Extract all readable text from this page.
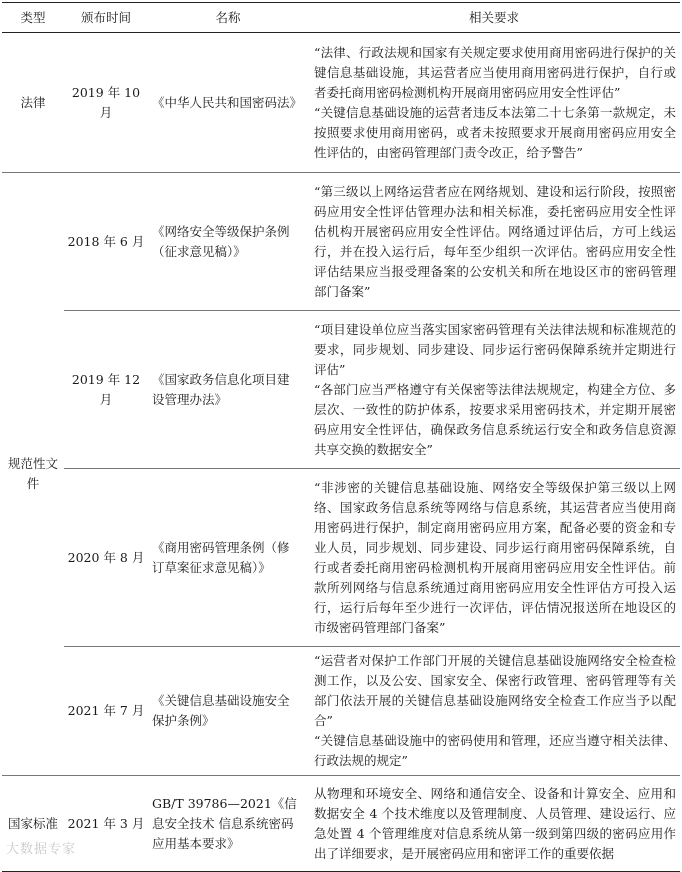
类型	颁布时间	名称	相关要求
法律	2019 年 10 月	《中华人民共和国密码法》	“法律、行政法规和国家有关规定要求使用商用密码进行保护的关键信息基础设施，其运营者应当使用商用密码进行保护，自行或者委托商用密码检测机构开展商用密码应用安全性评估”
“关键信息基础设施的运营者违反本法第二十七条第一款规定，未按照要求使用商用密码，或者未按照要求开展商用密码应用安全性评估的，由密码管理部门责令改正，给予警告”

规范性文件	2018 年 6 月	《网络安全等级保护条例（征求意见稿）》	“第三级以上网络运营者应在网络规划、建设和运行阶段，按照密码应用安全性评估管理办法和相关标准，委托密码应用安全性评估机构开展密码应用安全性评估。网络通过评估后，方可上线运行，并在投入运行后，每年至少组织一次评估。密码应用安全性评估结果应当报受理备案的公安机关和所在地设区市的密码管理部门备案”

	2019 年 12 月	《国家政务信息化项目建设管理办法》	“项目建设单位应当落实国家密码管理有关法律法规和标准规范的要求，同步规划、同步建设、同步运行密码保障系统并定期进行评估”
“各部门应当严格遵守有关保密等法律法规规定，构建全方位、多层次、一致性的防护体系，按要求采用密码技术，并定期开展密码应用安全性评估，确保政务信息系统运行安全和政务信息资源共享交换的数据安全”

	2020 年 8 月	《商用密码管理条例（修订草案征求意见稿）》	“非涉密的关键信息基础设施、网络安全等级保护第三级以上网络、国家政务信息系统等网络与信息系统，其运营者应当使用商用密码进行保护，制定商用密码应用方案，配备必要的资金和专业人员，同步规划、同步建设、同步运行商用密码保障系统，自行或者委托商用密码检测机构开展商用密码应用安全性评估。前款所列网络与信息系统通过商用密码应用安全性评估方可投入运行，运行后每年至少进行一次评估，评估情况报送所在地设区的市级密码管理部门备案”

	2021 年 7 月	《关键信息基础设施安全保护条例》	“运营者对保护工作部门开展的关键信息基础设施网络安全检查检测工作，以及公安、国家安全、保密行政管理、密码管理等有关部门依法开展的关键信息基础设施网络安全检查工作应当予以配合”
“关键信息基础设施中的密码使用和管理，还应当遵守相关法律、行政法规的规定”

国家标准	2021 年 3 月	GB/T 39786—2021《信息安全技术 信息系统密码应用基本要求》	从物理和环境安全、网络和通信安全、设备和计算安全、应用和数据安全 4 个技术维度以及管理制度、人员管理、建设运行、应急处置 4 个管理维度对信息系统从第一级到第四级的密码应用作出了详细要求，是开展密码应用和密评工作的重要依据
大数据专家
